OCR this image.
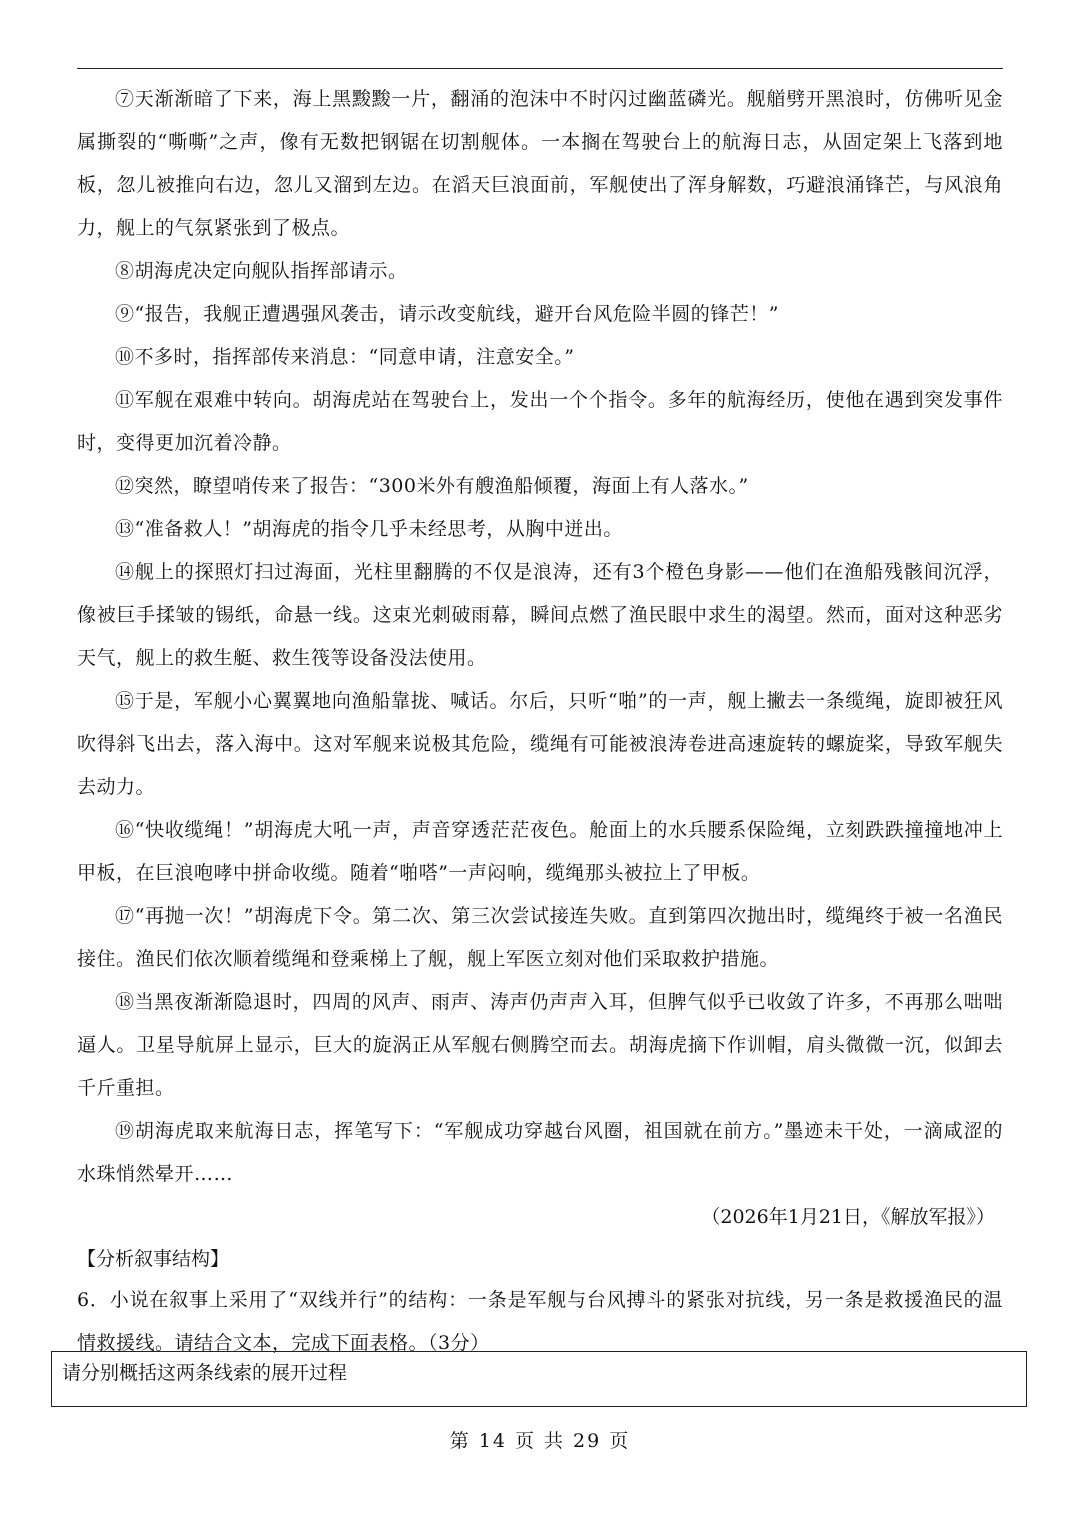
⑦天渐渐暗了下来，海上黑黢黢一片，翻涌的泡沫中不时闪过幽蓝磷光。舰艏劈开黑浪时，仿佛听见金属撕裂的“嘶嘶”之声，像有无数把钢锯在切割舰体。一本搁在驾驶台上的航海日志，从固定架上飞落到地板，忽儿被推向右边，忽儿又溜到左边。在滔天巨浪面前，军舰使出了浑身解数，巧避浪涌锋芒，与风浪角力，舰上的气氛紧张到了极点。

⑧胡海虎决定向舰队指挥部请示。

⑨“报告，我舰正遭遇强风袭击，请示改变航线，避开台风危险半圆的锋芒！”

⑩不多时，指挥部传来消息：“同意申请，注意安全。”

⑪军舰在艰难中转向。胡海虎站在驾驶台上，发出一个个指令。多年的航海经历，使他在遇到突发事件时，变得更加沉着冷静。

⑫突然，瞭望哨传来了报告：“300米外有艘渔船倾覆，海面上有人落水。”

⑬“准备救人！”胡海虎的指令几乎未经思考，从胸中迸出。

⑭舰上的探照灯扫过海面，光柱里翻腾的不仅是浪涛，还有3个橙色身影——他们在渔船残骸间沉浮，像被巨手揉皱的锡纸，命悬一线。这束光刺破雨幕，瞬间点燃了渔民眼中求生的渴望。然而，面对这种恶劣天气，舰上的救生艇、救生筏等设备没法使用。

⑮于是，军舰小心翼翼地向渔船靠拢、喊话。尔后，只听“啪”的一声，舰上撇去一条缆绳，旋即被狂风吹得斜飞出去，落入海中。这对军舰来说极其危险，缆绳有可能被浪涛卷进高速旋转的螺旋桨，导致军舰失去动力。

⑯“快收缆绳！”胡海虎大吼一声，声音穿透茫茫夜色。舱面上的水兵腰系保险绳，立刻跌跌撞撞地冲上甲板，在巨浪咆哮中拼命收缆。随着“啪嗒”一声闷响，缆绳那头被拉上了甲板。

⑰“再抛一次！”胡海虎下令。第二次、第三次尝试接连失败。直到第四次抛出时，缆绳终于被一名渔民接住。渔民们依次顺着缆绳和登乘梯上了舰，舰上军医立刻对他们采取救护措施。

⑱当黑夜渐渐隐退时，四周的风声、雨声、涛声仍声声入耳，但脾气似乎已收敛了许多，不再那么咄咄逼人。卫星导航屏上显示，巨大的旋涡正从军舰右侧腾空而去。胡海虎摘下作训帽，肩头微微一沉，似卸去千斤重担。

⑲胡海虎取来航海日志，挥笔写下：“军舰成功穿越台风圈，祖国就在前方。”墨迹未干处，一滴咸涩的水珠悄然晕开……

（2026年1月21日，《解放军报》）

【分析叙事结构】

6．小说在叙事上采用了“双线并行”的结构：一条是军舰与台风搏斗的紧张对抗线，另一条是救援渔民的温情救援线。请结合文本，完成下面表格。（3分）

请分别概括这两条线索的展开过程
第 14 页 共 29 页
